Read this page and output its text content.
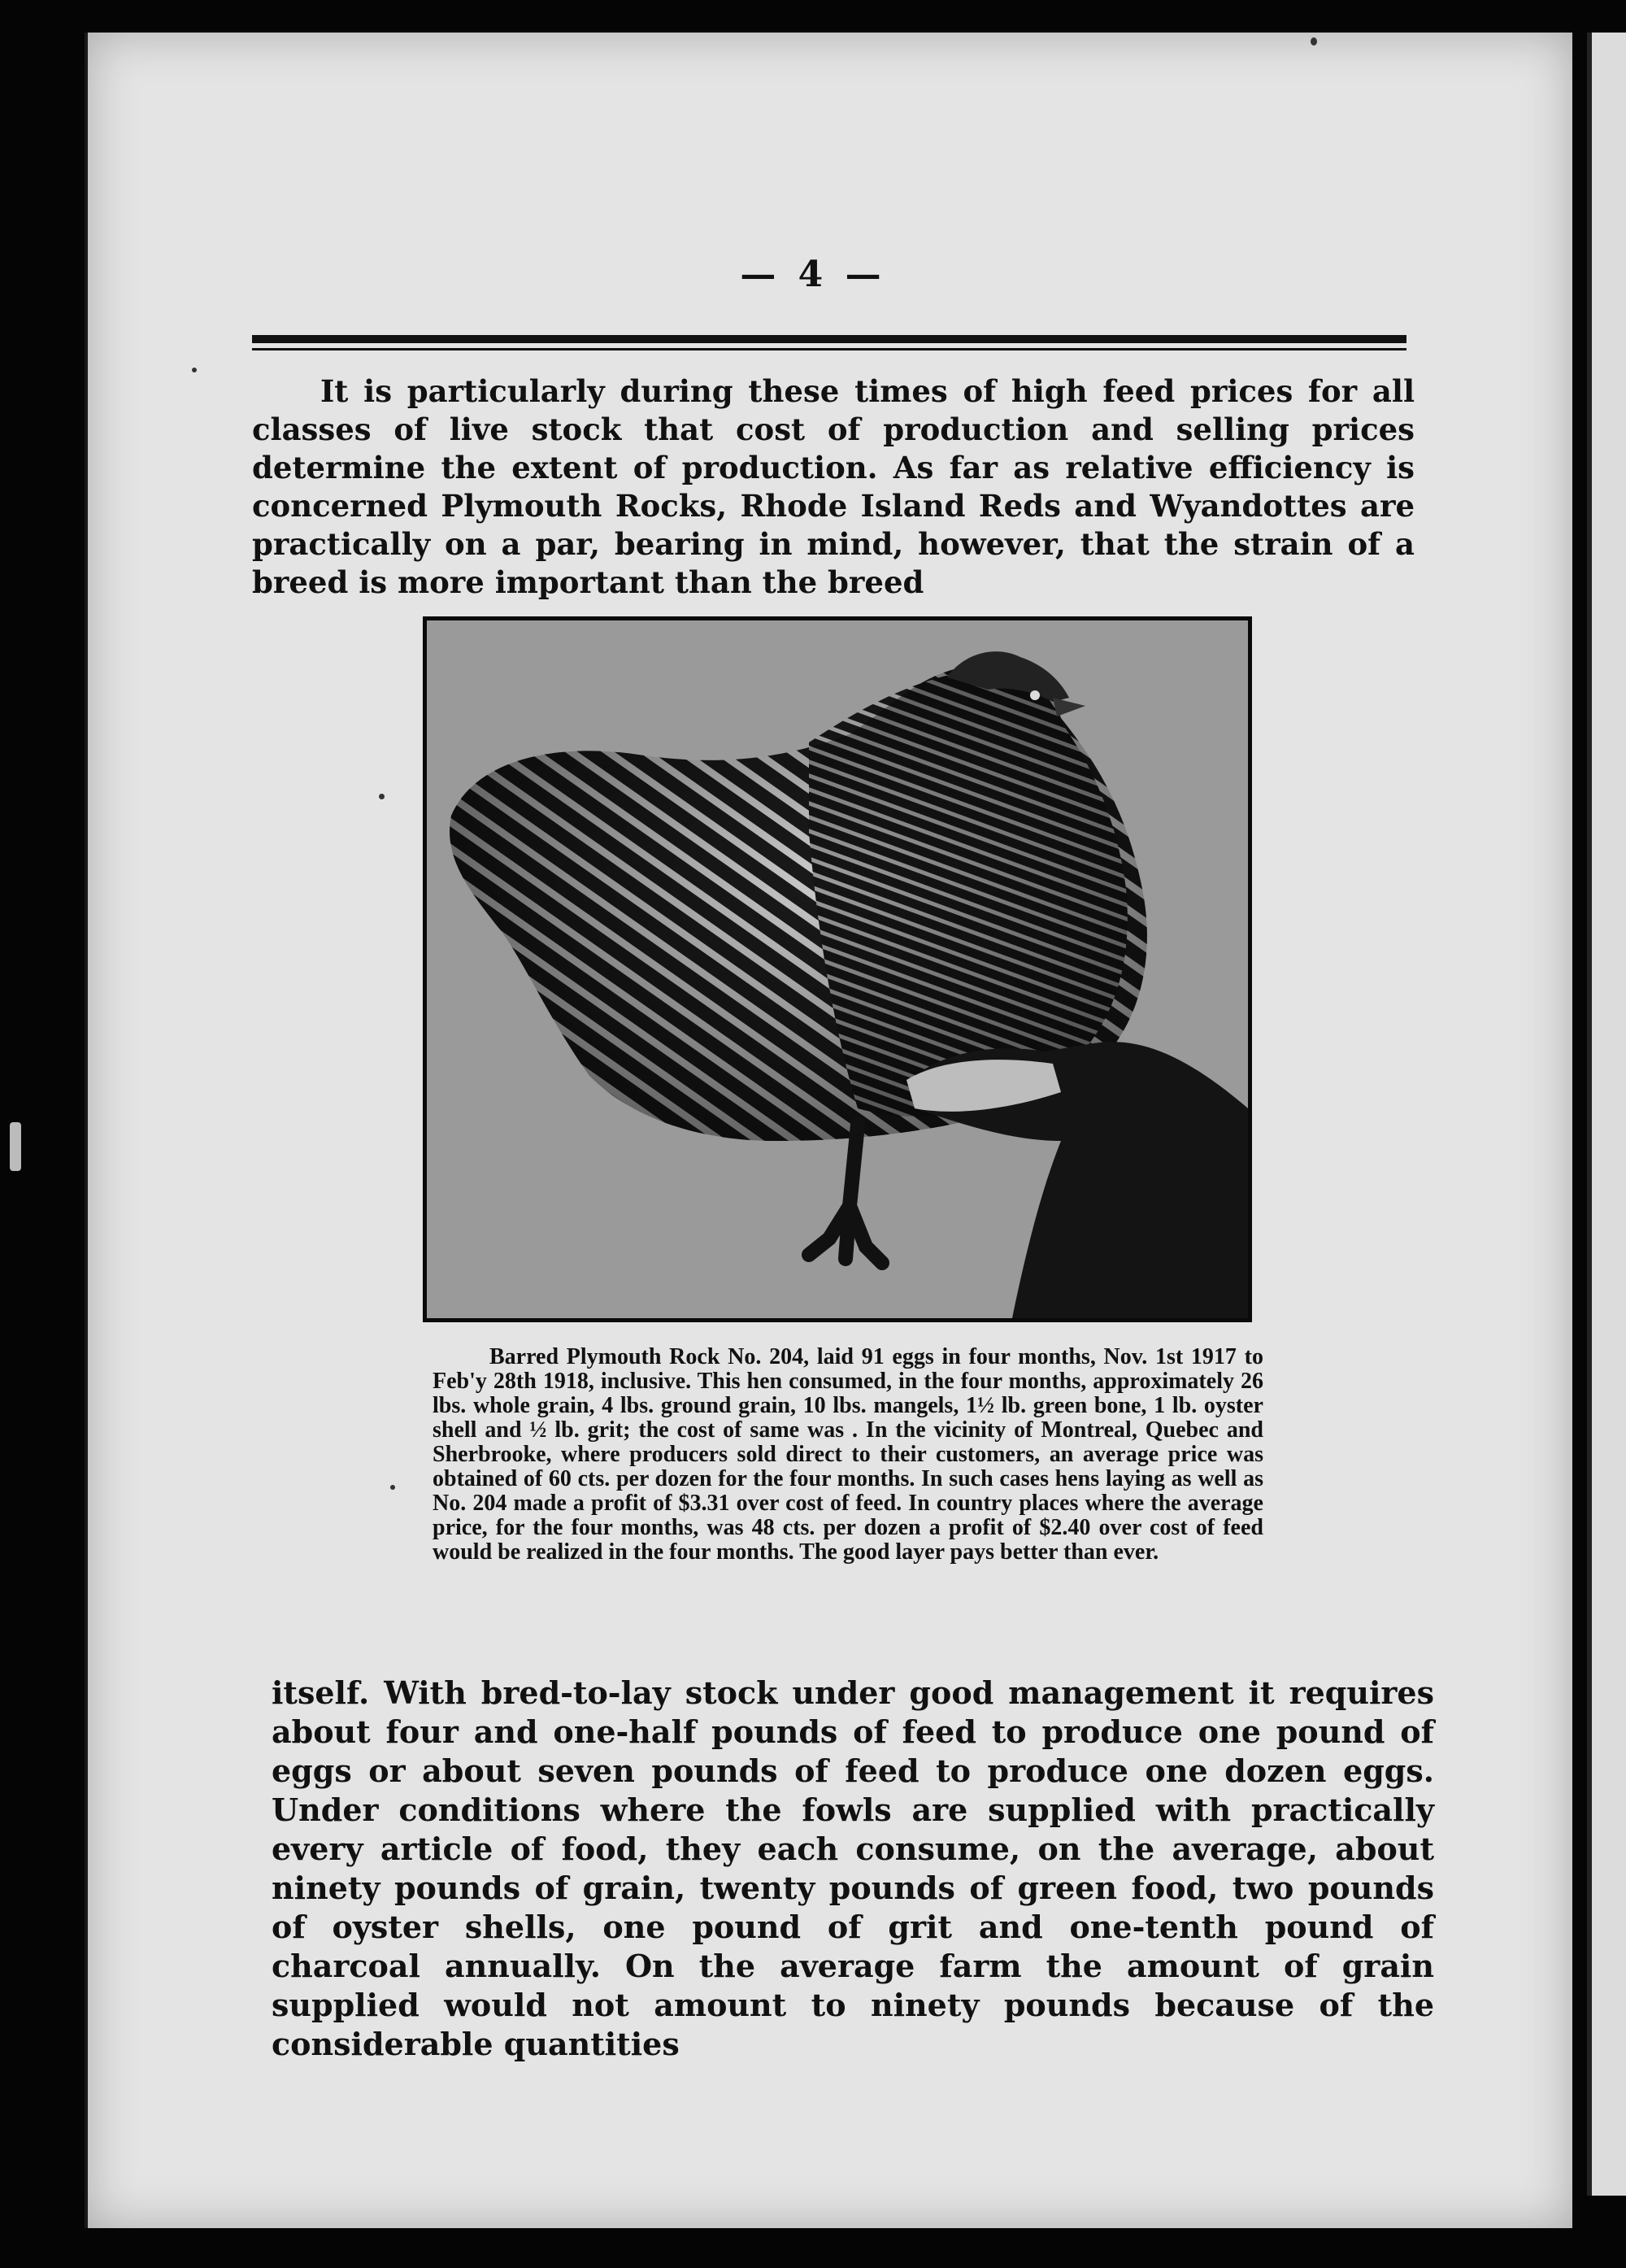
— 4 —
It is particularly during these times of high feed prices for all classes of live stock that cost of production and selling prices determine the extent of production. As far as relative efficiency is concerned Plymouth Rocks, Rhode Island Reds and Wyandottes are practically on a par, bearing in mind, however, that the strain of a breed is more important than the breed
Barred Plymouth Rock No. 204, laid 91 eggs in four months, Nov. 1st 1917 to Feb'y 28th 1918, inclusive. This hen consumed, in the four months, approximately 26 lbs. whole grain, 4 lbs. ground grain, 10 lbs. mangels, 1½ lb. green bone, 1 lb. oyster shell and ½ lb. grit; the cost of same was . In the vicinity of Montreal, Quebec and Sherbrooke, where producers sold direct to their customers, an average price was obtained of 60 cts. per dozen for the four months. In such cases hens laying as well as No. 204 made a profit of $3.31 over cost of feed. In country places where the average price, for the four months, was 48 cts. per dozen a profit of $2.40 over cost of feed would be realized in the four months. The good layer pays better than ever.
itself. With bred-to-lay stock under good management it requires about four and one-half pounds of feed to produce one pound of eggs or about seven pounds of feed to produce one dozen eggs. Under conditions where the fowls are supplied with practically every article of food, they each consume, on the average, about ninety pounds of grain, twenty pounds of green food, two pounds of oyster shells, one pound of grit and one-tenth pound of charcoal annually. On the average farm the amount of grain supplied would not amount to ninety pounds because of the considerable quantities
